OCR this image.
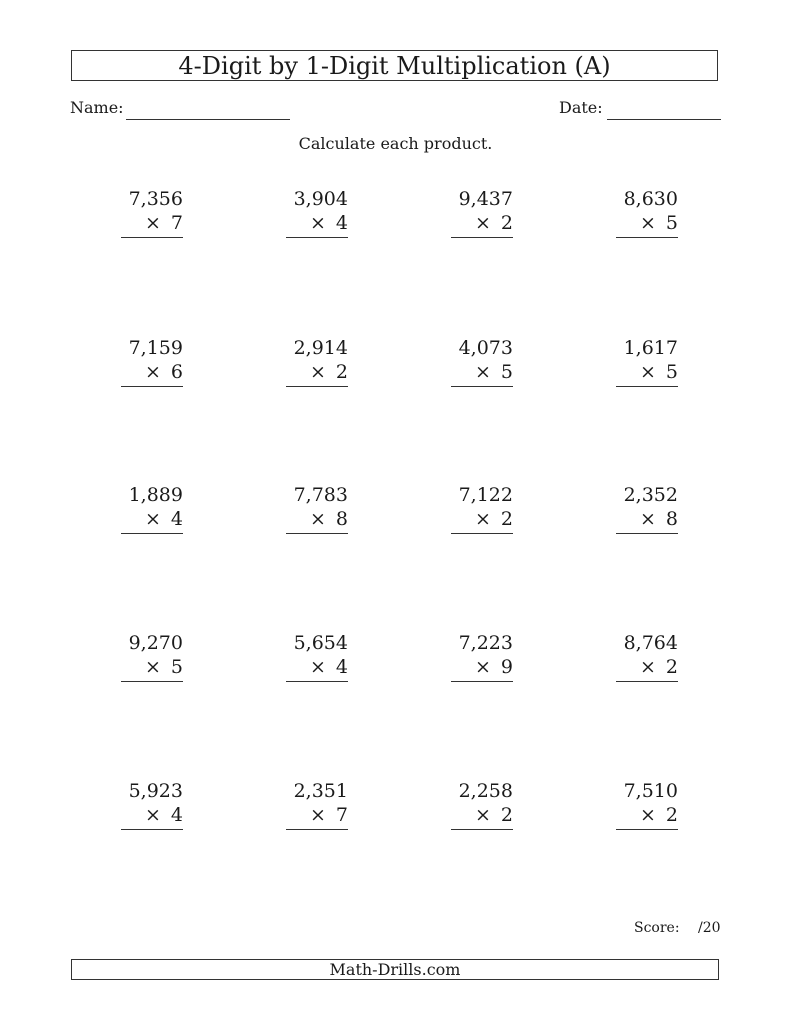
4-Digit by 1-Digit Multiplication (A)
Name:	Date:
Calculate each product.
7,356
× 7
3,904
× 4
9,437
× 2
8,630
× 5
7,159
× 6
2,914
× 2
4,073
× 5
1,617
× 5
1,889
× 4
7,783
× 8
7,122
× 2
2,352
× 8
9,270
× 5
5,654
× 4
7,223
× 9
8,764
× 2
5,923
× 4
2,351
× 7
2,258
× 2
7,510
× 2
Score: /20
Math-Drills.com
